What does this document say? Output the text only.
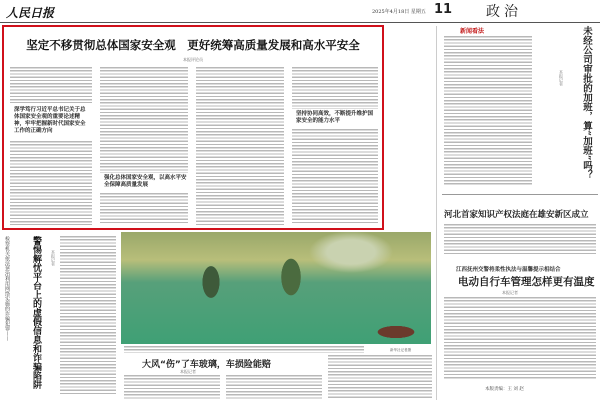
人民日报	2025年4月18日 星期五 11 政治
坚定不移贯彻总体国家安全观　更好统筹高质量发展和高水平安全
本报评论员
深学笃行习近平总书记关于总体国家安全观的重要论述精神，牢牢把握新时代国家安全工作的正确方向
强化总体国家安全观，以高水平安全保障高质量发展
坚持协同高效，不断提升维护国家安全的能力水平
新闻看法	未经公司审批的加班，算“加班”吗？
本报记者
河北首家知识产权法庭在雄安新区成立
江西抚州交警将柔性执法与温馨提示相结合
电动自行车管理怎样更有温度
本报记者
本版责编：王 刘 赵
检察机关依法惩治利用网络实施的诈骗犯罪—— 警惕解忧平台上的虚假信息和诈骗陷阱	本报记者
新华社记者摄
大风“伤”了车玻璃，车损险能赔
本报记者
